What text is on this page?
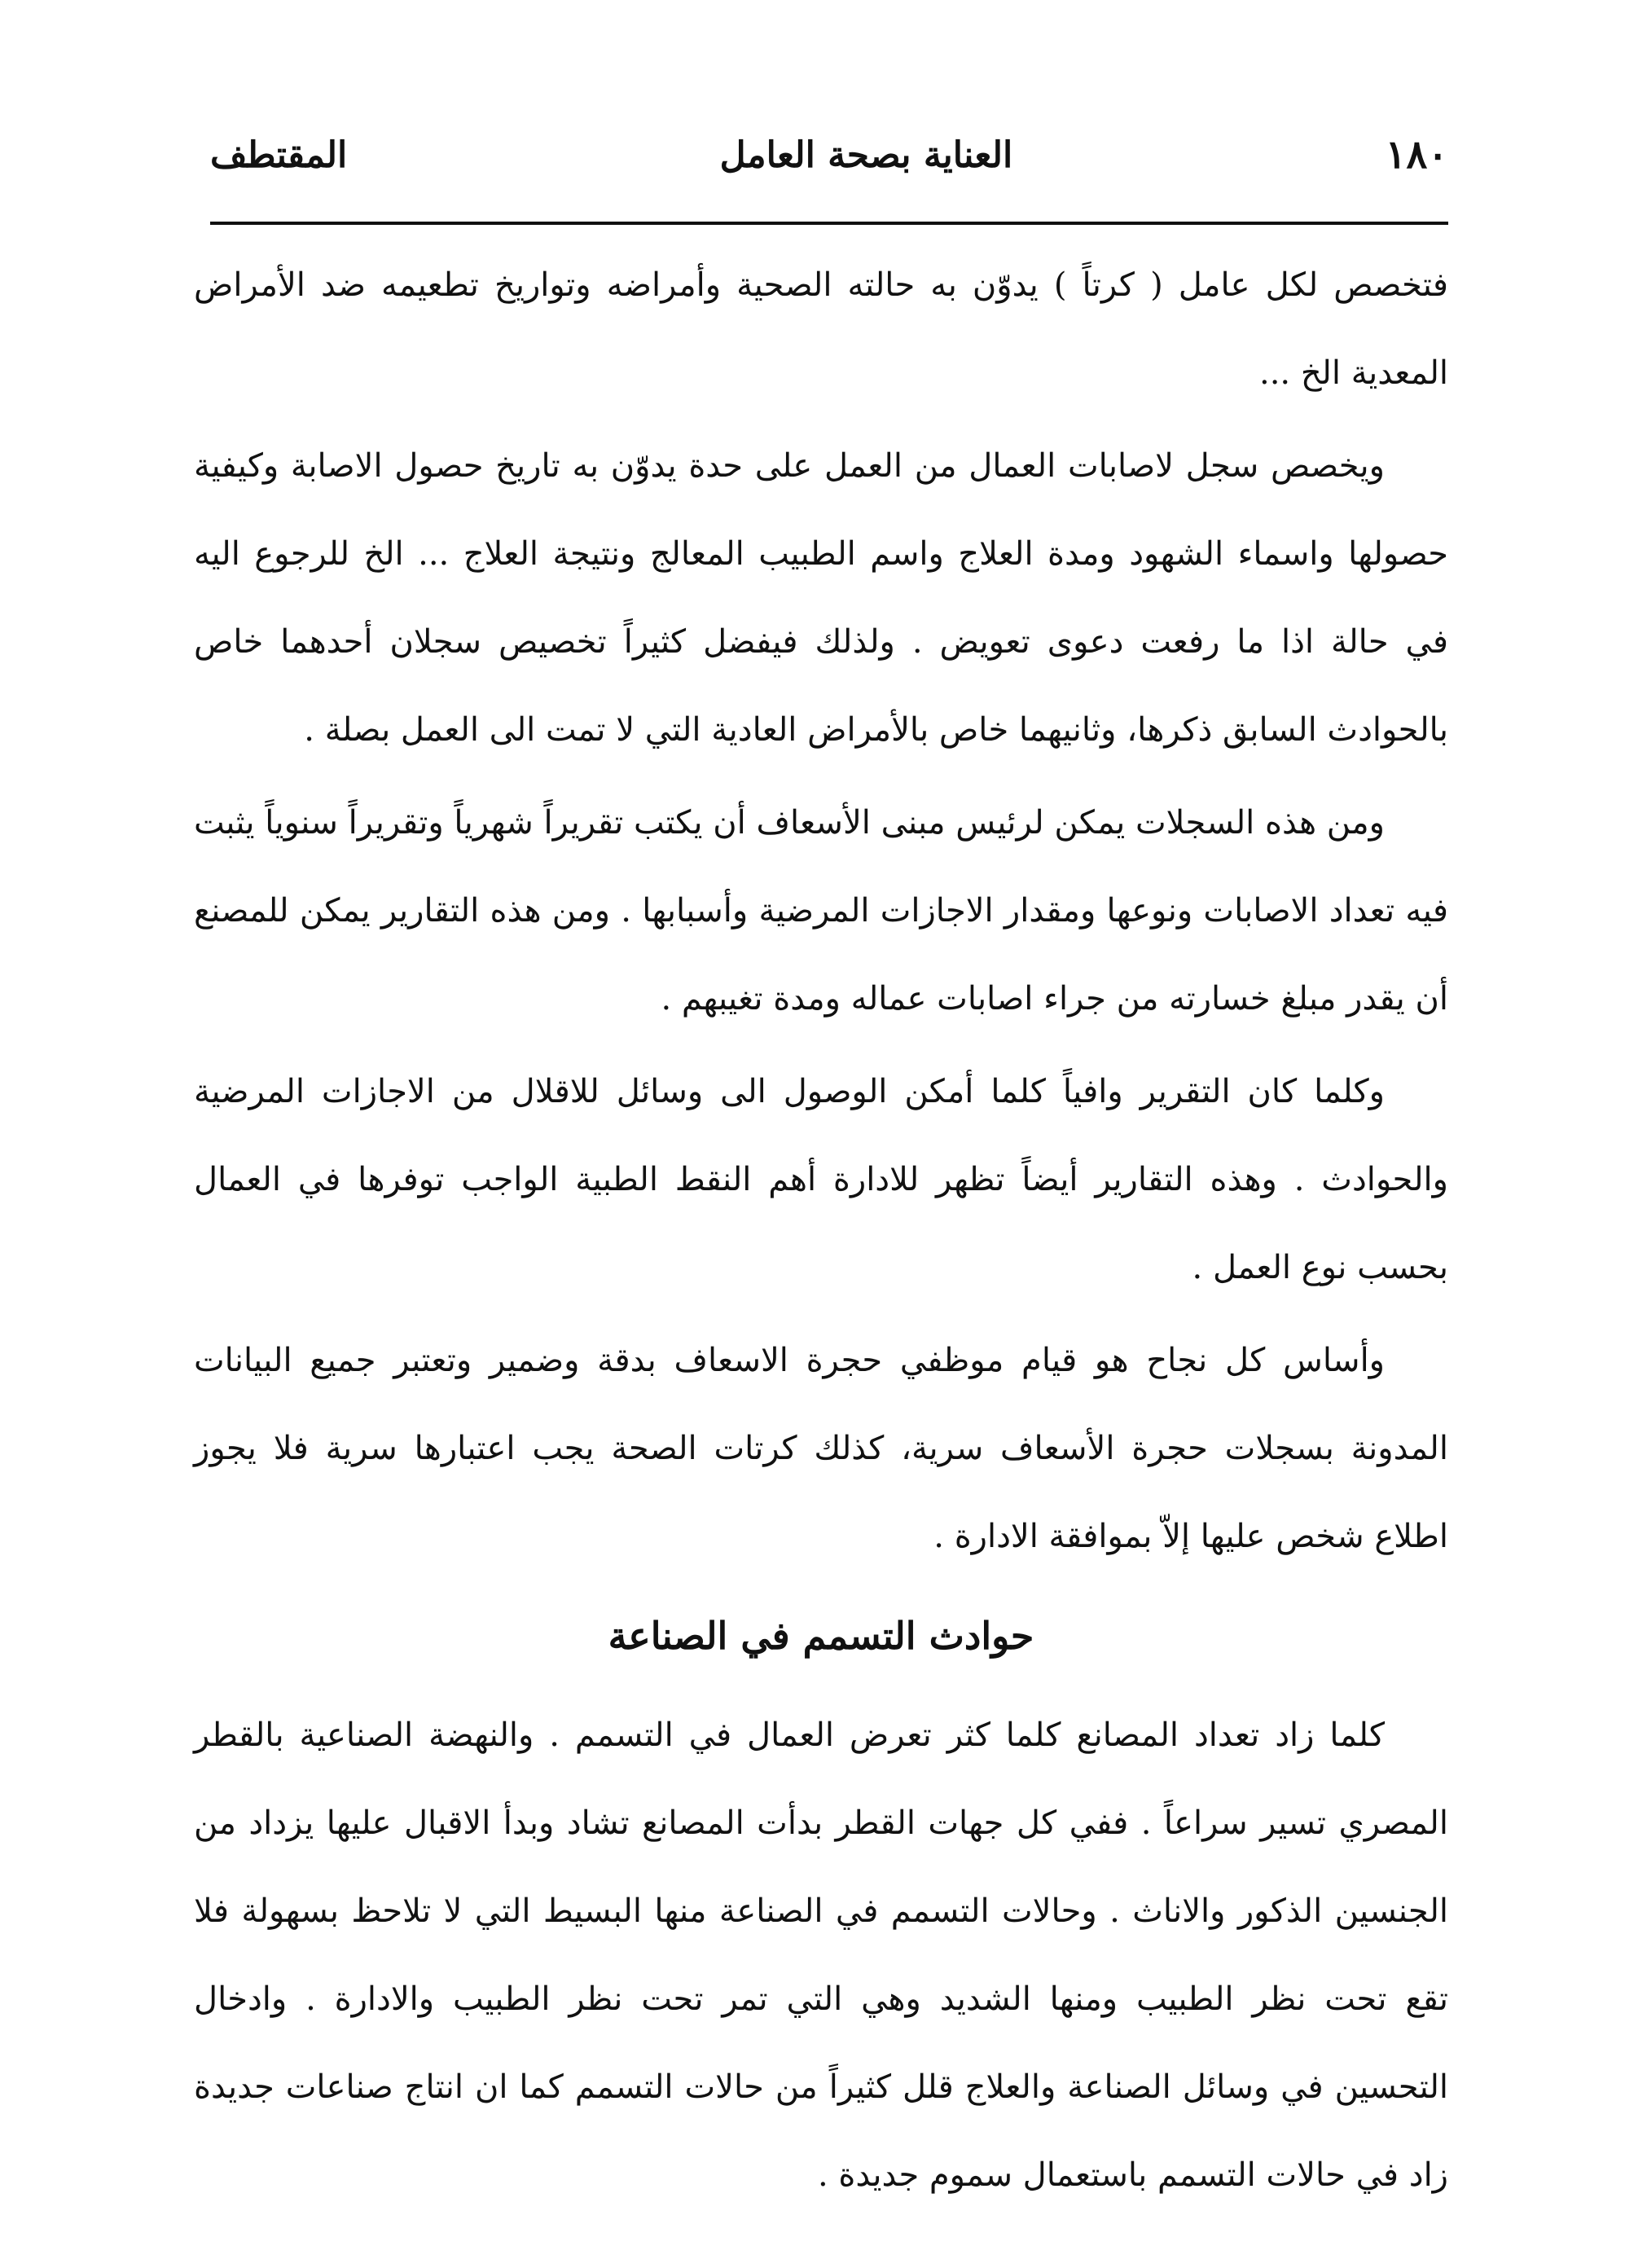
١٨٠
العناية بصحة العامل
المقتطف

فتخصص لكل عامل ( كرتاً ) يدوّن به حالته الصحية وأمراضه وتواريخ تطعيمه ضد الأمراض المعدية الخ ...

ويخصص سجل لاصابات العمال من العمل على حدة يدوّن به تاريخ حصول الاصابة وكيفية حصولها واسماء الشهود ومدة العلاج واسم الطبيب المعالج ونتيجة العلاج ... الخ للرجوع اليه في حالة اذا ما رفعت دعوى تعويض . ولذلك فيفضل كثيراً تخصيص سجلان أحدهما خاص بالحوادث السابق ذكرها، وثانيهما خاص بالأمراض العادية التي لا تمت الى العمل بصلة .

ومن هذه السجلات يمكن لرئيس مبنى الأسعاف أن يكتب تقريراً شهرياً وتقريراً سنوياً يثبت فيه تعداد الاصابات ونوعها ومقدار الاجازات المرضية وأسبابها . ومن هذه التقارير يمكن للمصنع أن يقدر مبلغ خسارته من جراء اصابات عماله ومدة تغيبهم .

وكلما كان التقرير وافياً كلما أمكن الوصول الى وسائل للاقلال من الاجازات المرضية والحوادث . وهذه التقارير أيضاً تظهر للادارة أهم النقط الطبية الواجب توفرها في العمال بحسب نوع العمل .

وأساس كل نجاح هو قيام موظفي حجرة الاسعاف بدقة وضمير وتعتبر جميع البيانات المدونة بسجلات حجرة الأسعاف سرية، كذلك كرتات الصحة يجب اعتبارها سرية فلا يجوز اطلاع شخص عليها إلاّ بموافقة الادارة .

حوادث التسمم في الصناعة

كلما زاد تعداد المصانع كلما كثر تعرض العمال في التسمم . والنهضة الصناعية بالقطر المصري تسير سراعاً . ففي كل جهات القطر بدأت المصانع تشاد وبدأ الاقبال عليها يزداد من الجنسين الذكور والاناث . وحالات التسمم في الصناعة منها البسيط التي لا تلاحظ بسهولة فلا تقع تحت نظر الطبيب ومنها الشديد وهي التي تمر تحت نظر الطبيب والادارة . وادخال التحسين في وسائل الصناعة والعلاج قلل كثيراً من حالات التسمم كما ان انتاج صناعات جديدة زاد في حالات التسمم باستعمال سموم جديدة .
